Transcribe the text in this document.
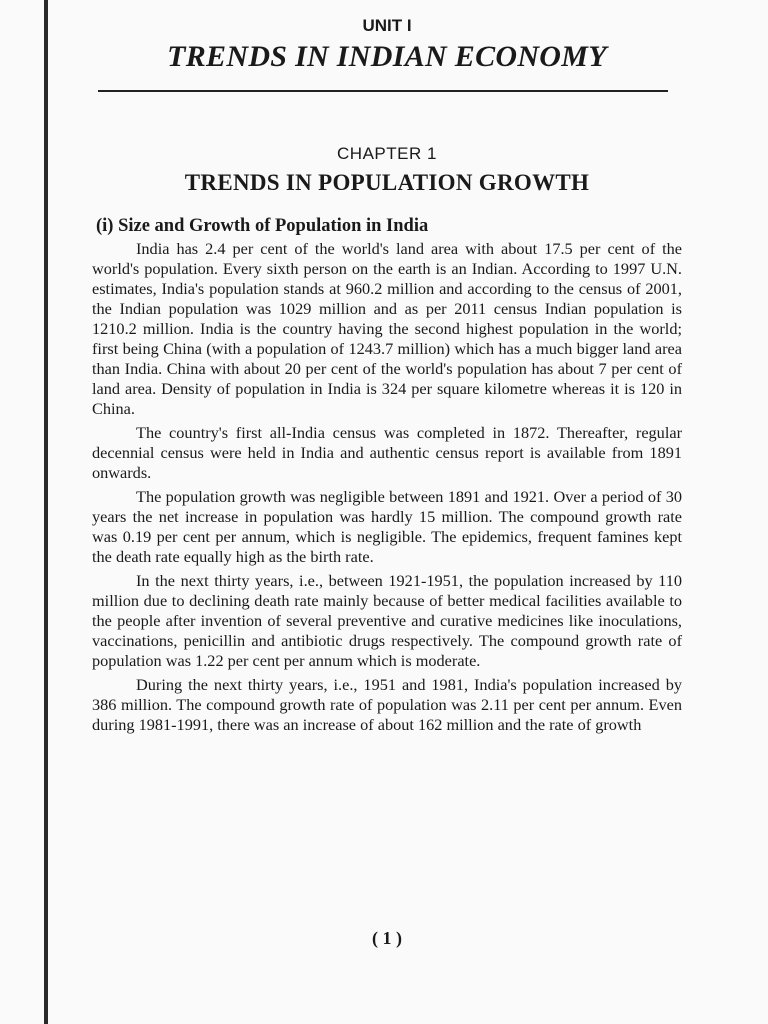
UNIT I
TRENDS IN INDIAN ECONOMY
CHAPTER 1
TRENDS IN POPULATION GROWTH
(i) Size and Growth of Population in India

India has 2.4 per cent of the world's land area with about 17.5 per cent of the world's population. Every sixth person on the earth is an Indian. According to 1997 U.N. estimates, India's population stands at 960.2 million and according to the census of 2001, the Indian population was 1029 million and as per 2011 census Indian population is 1210.2 million. India is the country having the second highest population in the world; first being China (with a population of 1243.7 million) which has a much bigger land area than India. China with about 20 per cent of the world's population has about 7 per cent of land area. Density of population in India is 324 per square kilometre whereas it is 120 in China.

The country's first all-India census was completed in 1872. Thereafter, regular decennial census were held in India and authentic census report is available from 1891 onwards.

The population growth was negligible between 1891 and 1921. Over a period of 30 years the net increase in population was hardly 15 million. The compound growth rate was 0.19 per cent per annum, which is negligible. The epidemics, frequent famines kept the death rate equally high as the birth rate.

In the next thirty years, i.e., between 1921-1951, the population increased by 110 million due to declining death rate mainly because of better medical facilities available to the people after invention of several preventive and curative medicines like inoculations, vaccinations, penicillin and antibiotic drugs respectively. The compound growth rate of population was 1.22 per cent per annum which is moderate.

During the next thirty years, i.e., 1951 and 1981, India's population increased by 386 million. The compound growth rate of population was 2.11 per cent per annum. Even during 1981-1991, there was an increase of about 162 million and the rate of growth

( 1 )
